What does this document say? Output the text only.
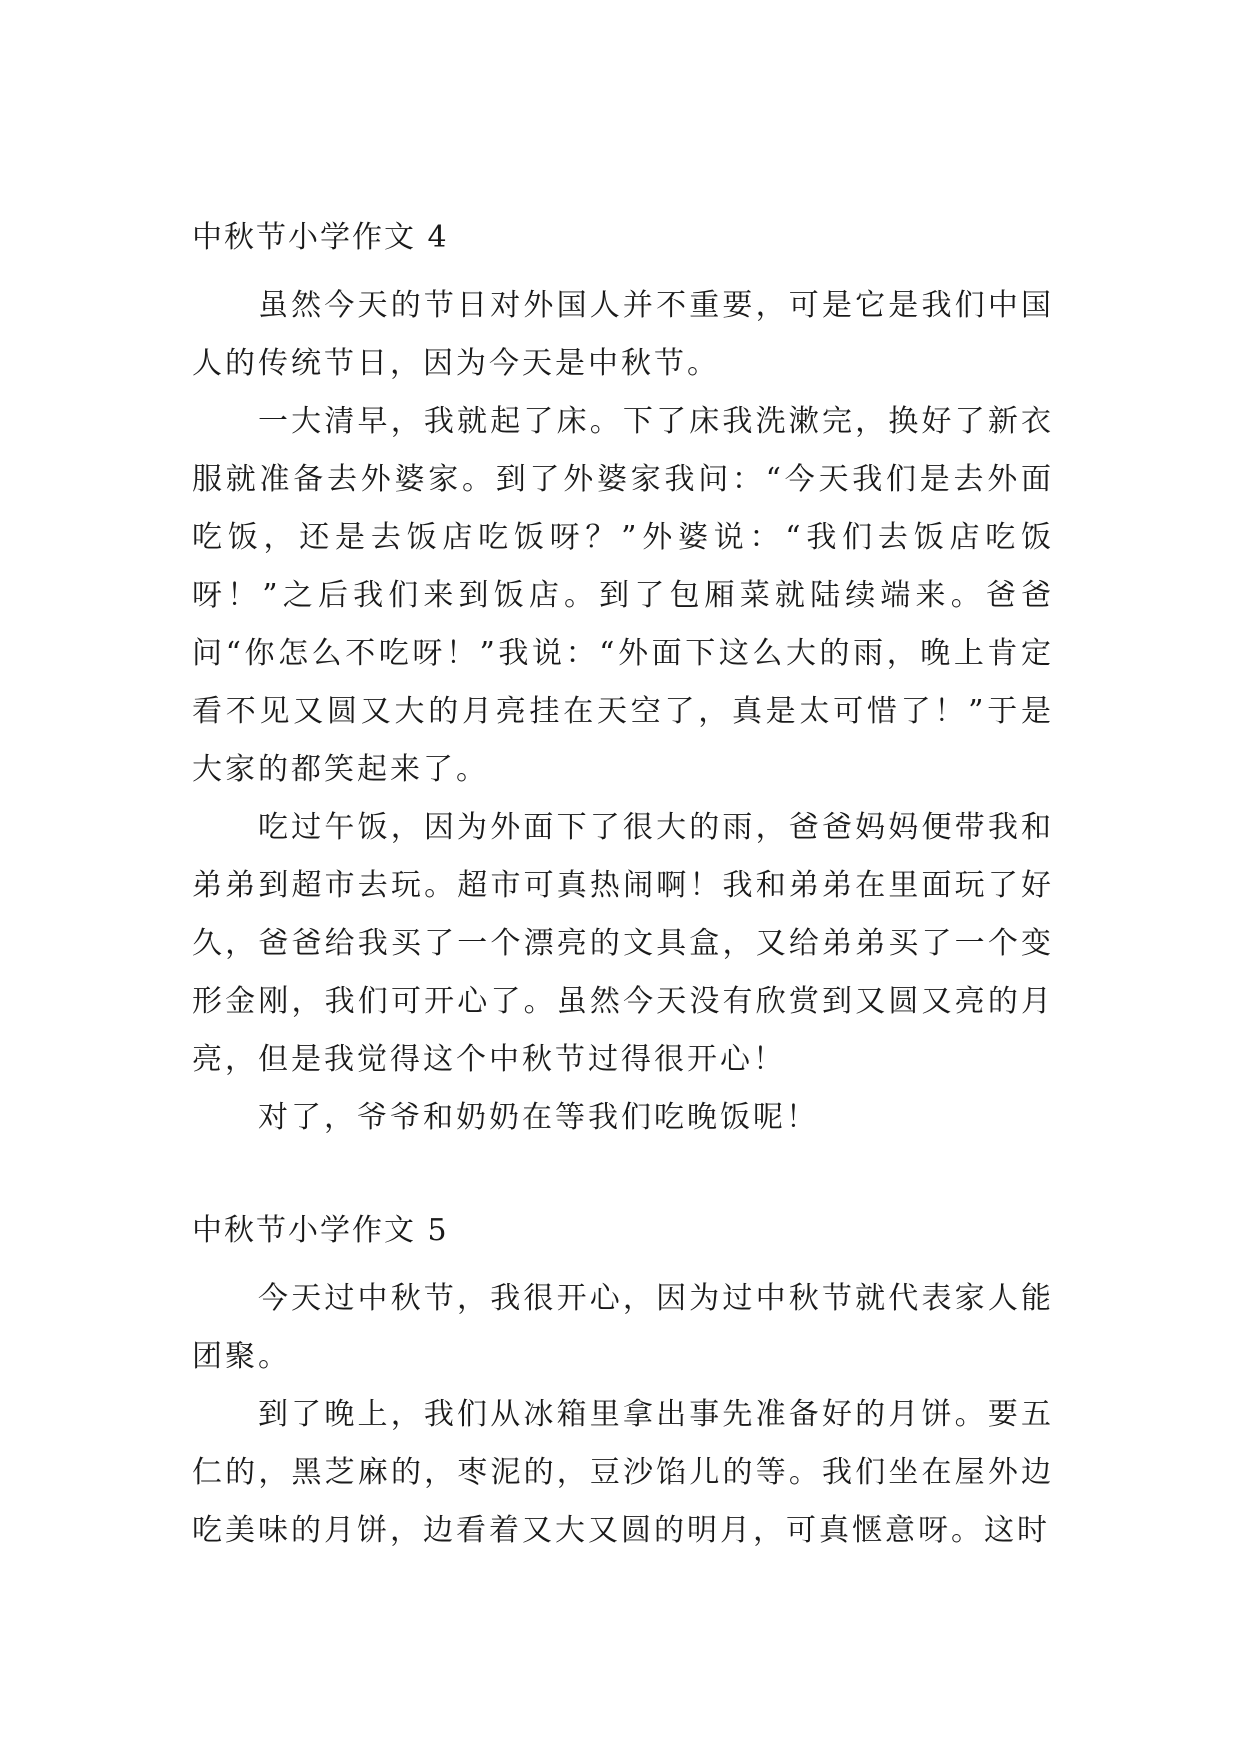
中秋节小学作文 4

虽然今天的节日对外国人并不重要，可是它是我们中国人的传统节日，因为今天是中秋节。

一大清早，我就起了床。下了床我洗漱完，换好了新衣服就准备去外婆家。到了外婆家我问：“今天我们是去外面吃饭，还是去饭店吃饭呀？”外婆说：“我们去饭店吃饭呀！”之后我们来到饭店。到了包厢菜就陆续端来。爸爸问“你怎么不吃呀！”我说：“外面下这么大的雨，晚上肯定看不见又圆又大的月亮挂在天空了，真是太可惜了！”于是大家的都笑起来了。

吃过午饭，因为外面下了很大的雨，爸爸妈妈便带我和弟弟到超市去玩。超市可真热闹啊！我和弟弟在里面玩了好久，爸爸给我买了一个漂亮的文具盒，又给弟弟买了一个变形金刚，我们可开心了。虽然今天没有欣赏到又圆又亮的月亮，但是我觉得这个中秋节过得很开心！

对了，爷爷和奶奶在等我们吃晚饭呢！

中秋节小学作文 5

今天过中秋节，我很开心，因为过中秋节就代表家人能团聚。

到了晚上，我们从冰箱里拿出事先准备好的月饼。要五仁的，黑芝麻的，枣泥的，豆沙馅儿的等。我们坐在屋外边吃美味的月饼，边看着又大又圆的明月，可真惬意呀。这时
